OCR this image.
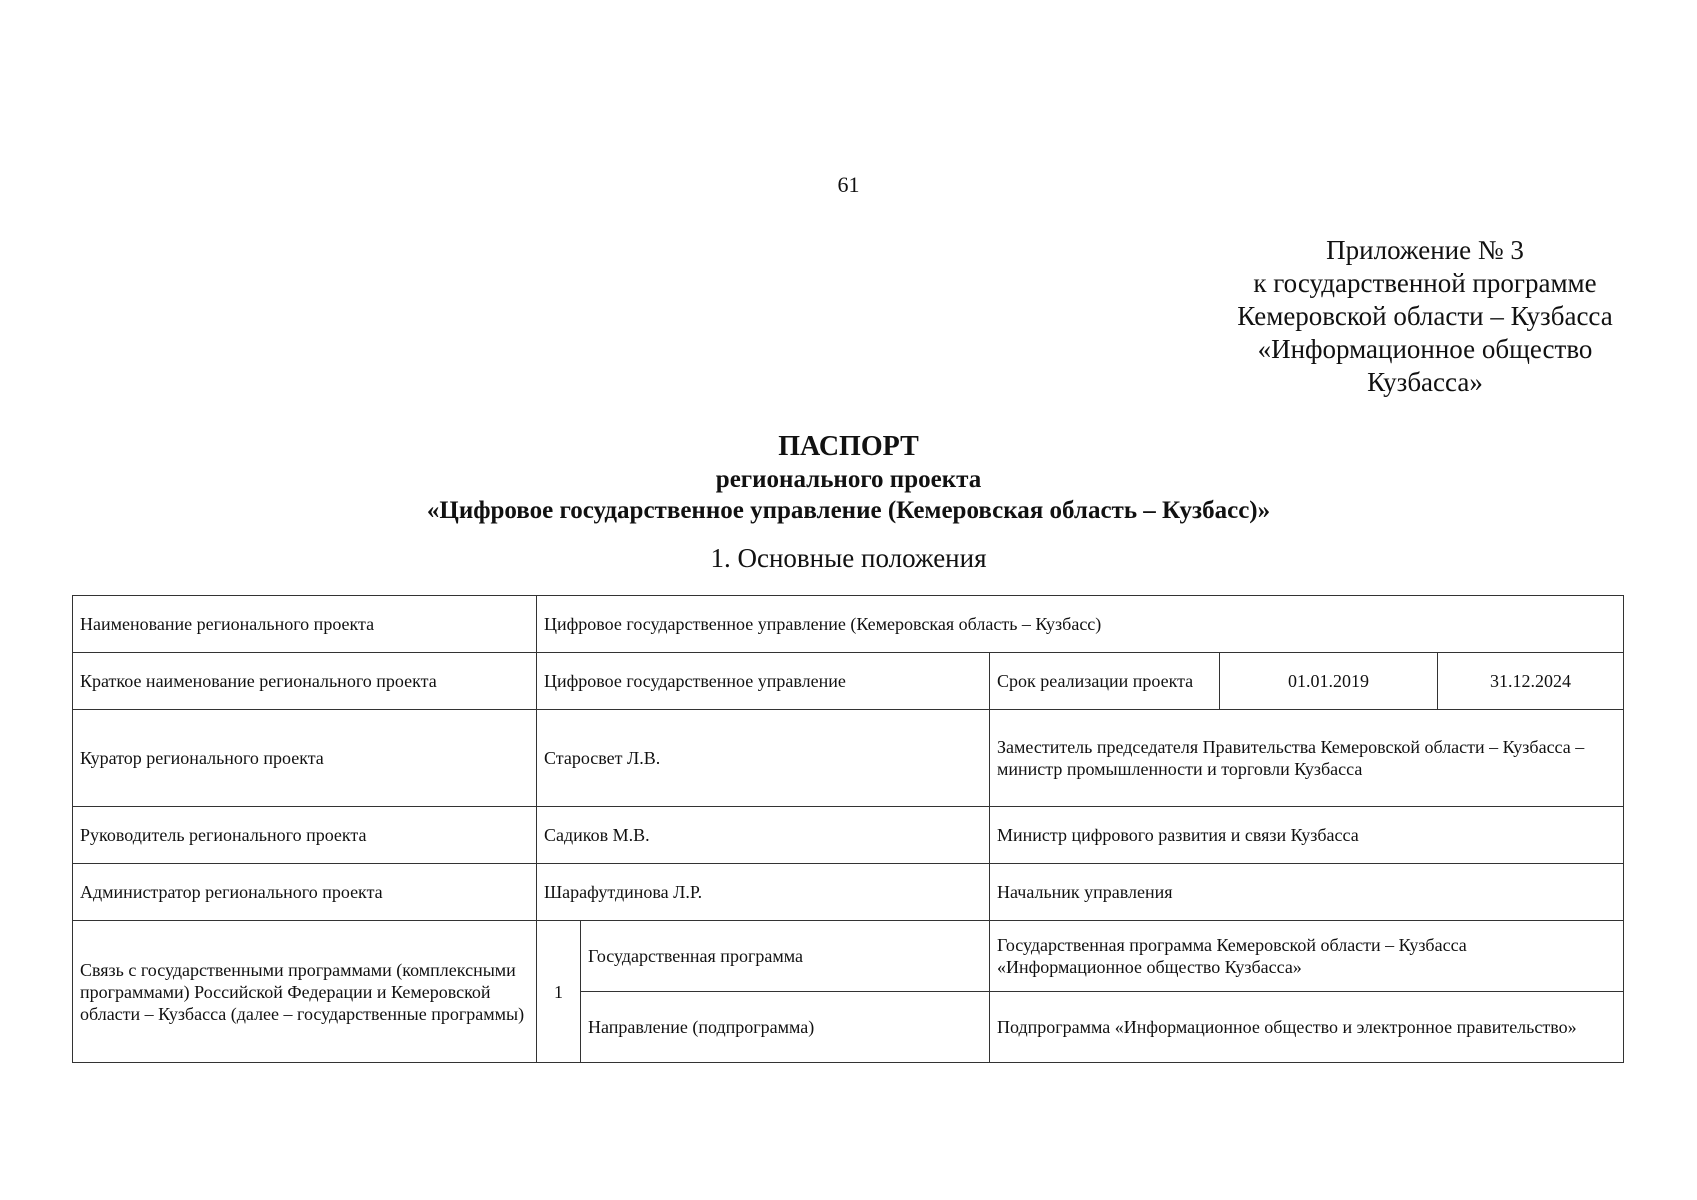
61
Приложение № 3
к государственной программе
Кемеровской области – Кузбасса
«Информационное общество
Кузбасса»
ПАСПОРТ
регионального проекта
«Цифровое государственное управление (Кемеровская область – Кузбасс)»
1. Основные положения
Наименование регионального проекта	Цифровое государственное управление (Кемеровская область – Кузбасс)				
Краткое наименование регионального проекта	Цифровое государственное управление		Срок реализации проекта	01.01.2019	31.12.2024
Куратор регионального проекта	Старосвет Л.В.		Заместитель председателя Правительства Кемеровской области – Кузбасса – министр промышленности и торговли Кузбасса		
Руководитель регионального проекта	Садиков М.В.		Министр цифрового развития и связи Кузбасса		
Администратор регионального проекта	Шарафутдинова Л.Р.		Начальник управления		
Связь с государственными программами (комплексными программами) Российской Федерации и Кемеровской области – Кузбасса (далее – государственные программы)	1	Государственная программа	Государственная программа Кемеровской области – Кузбасса «Информационное общество Кузбасса»		
		Направление (подпрограмма)	Подпрограмма «Информационное общество и электронное правительство»		
